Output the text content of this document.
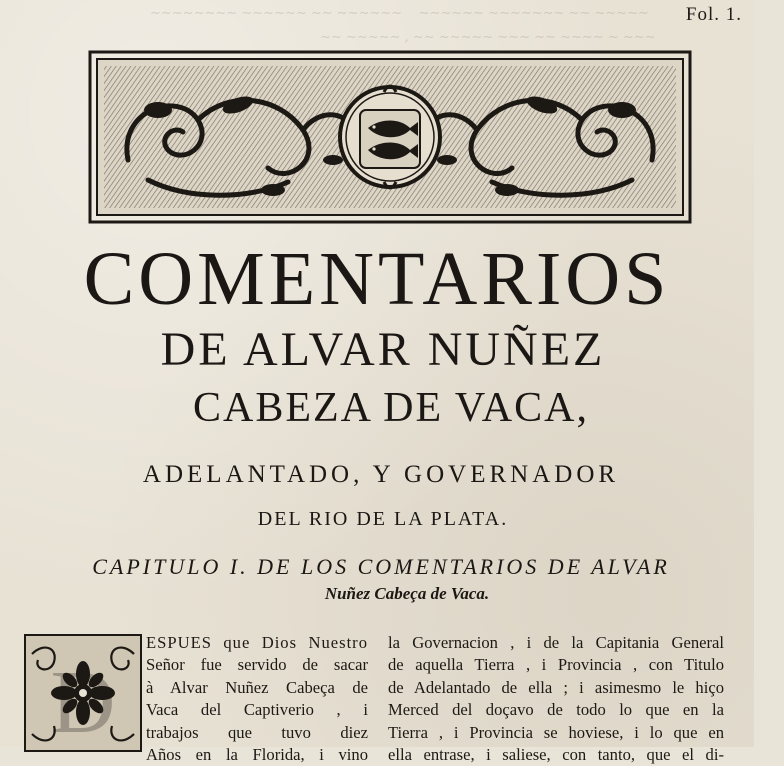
∼∼∼∼∼∼∼∼ ∼∼∼∼∼∼ ∼∼ ∼∼∼∼∼∼    ∼∼∼∼∼∼ ∼∼∼∼∼∼∼ ∼∼ ∼∼∼∼∼
∼∼ ∼∼∼∼∼ , ∼∼ ∼∼∼∼∼ ∼∼∼ ∼∼ ∼∼∼∼ ∼ ∼∼∼
Fol. 1.
COMENTARIOS
DE ALVAR NUÑEZ
CABEZA DE VACA,
ADELANTADO, Y GOVERNADOR
DEL RIO DE LA PLATA.
CAPITULO I. DE LOS COMENTARIOS DE ALVAR
Nuñez Cabeça de Vaca.
D

ESPUES que Dios Nuestro

Señor fue servido de sacar

à Alvar Nuñez Cabeça de

Vaca del Captiverio , i

trabajos que tuvo diez

Años en la Florida, i vino

la Governacion , i de la Capitania General

de aquella Tierra , i Provincia , con Titulo

de Adelantado de ella ; i asimesmo le hiço

Merced del doçavo de todo lo que en la

Tierra , i Provincia se hoviese, i lo que en

ella entrase, i saliese, con tanto, que el di-
